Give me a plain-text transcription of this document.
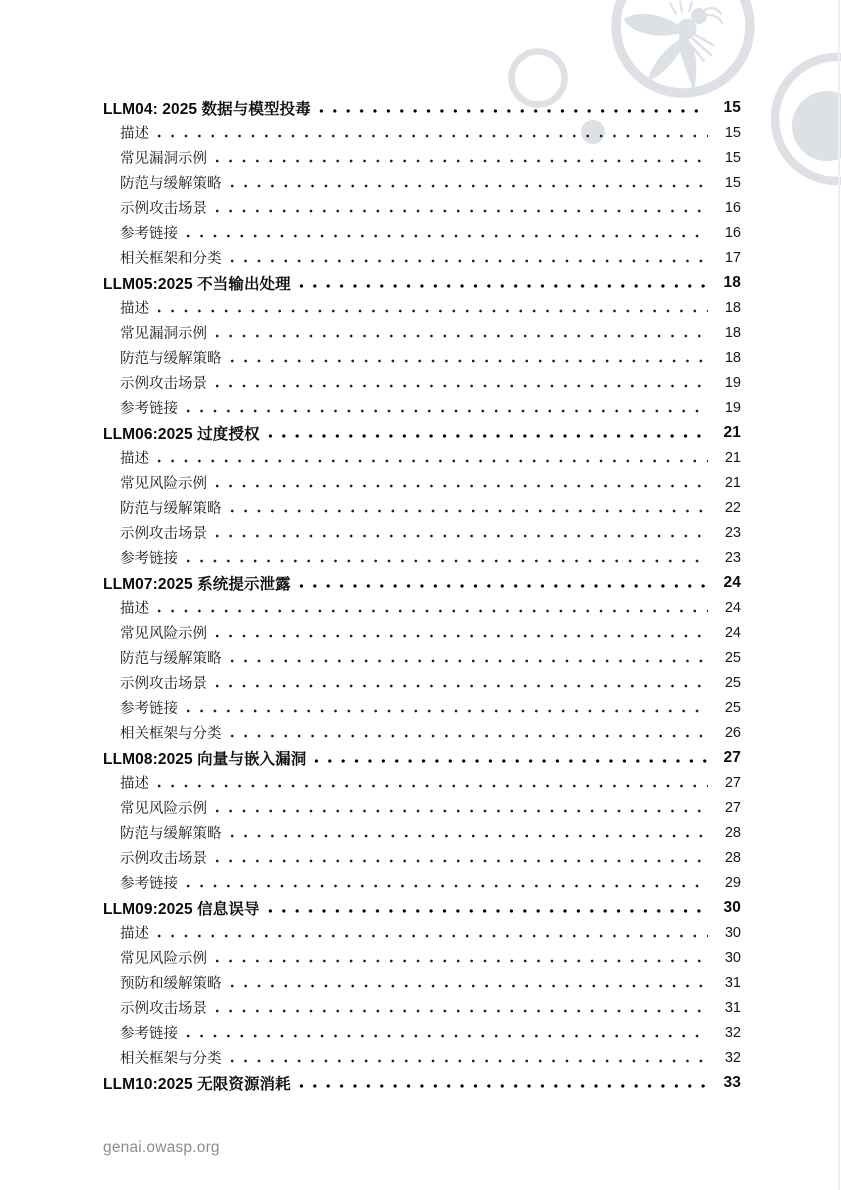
LLM04: 2025 数据与模型投毒	15
描述	15
常见漏洞示例	15
防范与缓解策略	15
示例攻击场景	16
参考链接	16
相关框架和分类	17
LLM05:2025 不当输出处理	18
描述	18
常见漏洞示例	18
防范与缓解策略	18
示例攻击场景	19
参考链接	19
LLM06:2025 过度授权	21
描述	21
常见风险示例	21
防范与缓解策略	22
示例攻击场景	23
参考链接	23
LLM07:2025 系统提示泄露	24
描述	24
常见风险示例	24
防范与缓解策略	25
示例攻击场景	25
参考链接	25
相关框架与分类	26
LLM08:2025 向量与嵌入漏洞	27
描述	27
常见风险示例	27
防范与缓解策略	28
示例攻击场景	28
参考链接	29
LLM09:2025 信息误导	30
描述	30
常见风险示例	30
预防和缓解策略	31
示例攻击场景	31
参考链接	32
相关框架与分类	32
LLM10:2025 无限资源消耗	33
genai.owasp.org
